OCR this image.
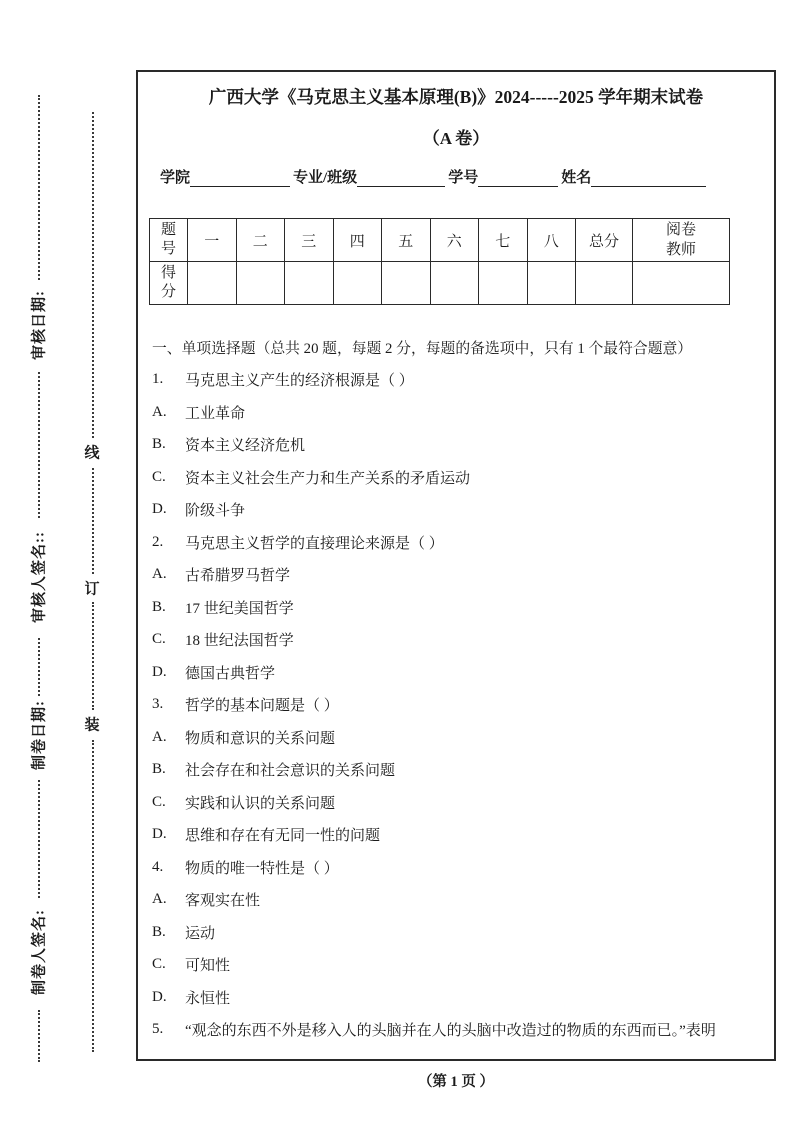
审核日期:
审核人签名::
制卷日期:
制卷人签名:
线
订
装
广西大学《马克思主义基本原理(B)》2024-----2025 学年期末试卷
（A 卷）
学院	专业/班级	学号	姓名
题号	一	二	三	四	五	六	七	八	总分	阅卷教师
得分										
一、单项选择题（总共 20 题，每题 2 分，每题的备选项中，只有 1 个最符合题意）
1.	马克思主义产生的经济根源是（ ）
A.	工业革命
B.	资本主义经济危机
C.	资本主义社会生产力和生产关系的矛盾运动
D.	阶级斗争
2.	马克思主义哲学的直接理论来源是（ ）
A.	古希腊罗马哲学
B.	17 世纪美国哲学
C.	18 世纪法国哲学
D.	德国古典哲学
3.	哲学的基本问题是（ ）
A.	物质和意识的关系问题
B.	社会存在和社会意识的关系问题
C.	实践和认识的关系问题
D.	思维和存在有无同一性的问题
4.	物质的唯一特性是（ ）
A.	客观实在性
B.	运动
C.	可知性
D.	永恒性
5.	“观念的东西不外是移入人的头脑并在人的头脑中改造过的物质的东西而已。”表明
（第 1 页 ）
